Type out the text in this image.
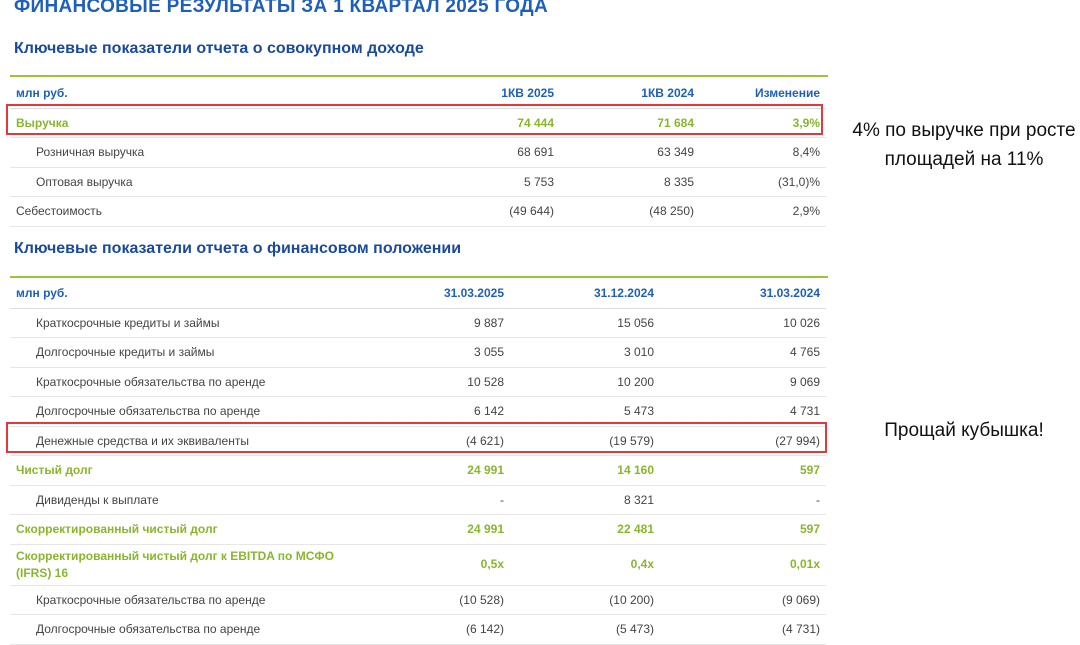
ФИНАНСОВЫЕ РЕЗУЛЬТАТЫ ЗА 1 КВАРТАЛ 2025 ГОДА
Ключевые показатели отчета о совокупном доходе
млн руб.	1КВ 2025	1КВ 2024	Изменение
Выручка	74 444	71 684	3,9%
Розничная выручка	68 691	63 349	8,4%
Оптовая выручка	5 753	8 335	(31,0)%
Себестоимость	(49 644)	(48 250)	2,9%
Ключевые показатели отчета о финансовом положении
млн руб.	31.03.2025	31.12.2024	31.03.2024
Краткосрочные кредиты и займы	9 887	15 056	10 026
Долгосрочные кредиты и займы	3 055	3 010	4 765
Краткосрочные обязательства по аренде	10 528	10 200	9 069
Долгосрочные обязательства по аренде	6 142	5 473	4 731
Денежные средства и их эквиваленты	(4 621)	(19 579)	(27 994)
Чистый долг	24 991	14 160	597
Дивиденды к выплате	-	8 321	-
Скорректированный чистый долг	24 991	22 481	597
Скорректированный чистый долг к EBITDA по МСФО (IFRS) 16	0,5x	0,4x	0,01x
Краткосрочные обязательства по аренде	(10 528)	(10 200)	(9 069)
Долгосрочные обязательства по аренде	(6 142)	(5 473)	(4 731)
4% по выручке при росте площадей на 11%
Прощай кубышка!
